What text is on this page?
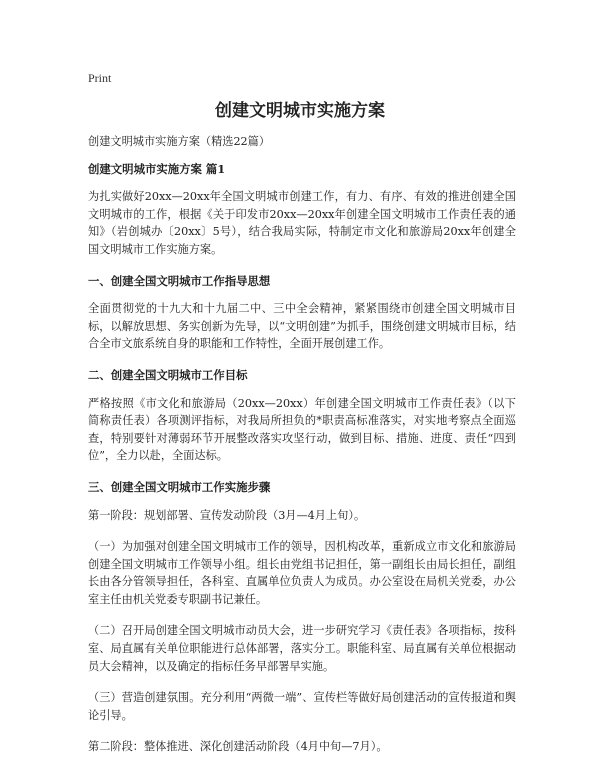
Print
创建文明城市实施方案

创建文明城市实施方案（精选22篇）

创建文明城市实施方案 篇1

为扎实做好20xx—20xx年全国文明城市创建工作，有力、有序、有效的推进创建全国文明城市的工作，根据《关于印发市20xx—20xx年创建全国文明城市工作责任表的通知》（岩创城办〔20xx〕5号），结合我局实际，特制定市文化和旅游局20xx年创建全国文明城市工作实施方案。

一、创建全国文明城市工作指导思想

全面贯彻党的十九大和十九届二中、三中全会精神，紧紧围绕市创建全国文明城市目标，以解放思想、务实创新为先导，以“文明创建”为抓手，围绕创建文明城市目标，结合全市文旅系统自身的职能和工作特性，全面开展创建工作。

二、创建全国文明城市工作目标

严格按照《市文化和旅游局（20xx—20xx）年创建全国文明城市工作责任表》（以下简称责任表）各项测评指标，对我局所担负的*职责高标准落实，对实地考察点全面巡查，特别要针对薄弱环节开展整改落实攻坚行动，做到目标、措施、进度、责任“四到位”，全力以赴，全面达标。

三、创建全国文明城市工作实施步骤

第一阶段：规划部署、宣传发动阶段（3月—4月上旬）。

（一）为加强对创建全国文明城市工作的领导，因机构改革，重新成立市文化和旅游局创建全国文明城市工作领导小组。组长由党组书记担任，第一副组长由局长担任，副组长由各分管领导担任，各科室、直属单位负责人为成员。办公室设在局机关党委，办公室主任由机关党委专职副书记兼任。

（二）召开局创建全国文明城市动员大会，进一步研究学习《责任表》各项指标，按科室、局直属有关单位职能进行总体部署，落实分工。职能科室、局直属有关单位根据动员大会精神，以及确定的指标任务早部署早实施。

（三）营造创建氛围。充分利用“两微一端”、宣传栏等做好局创建活动的宣传报道和舆论引导。

第二阶段：整体推进、深化创建活动阶段（4月中旬—7月）。
